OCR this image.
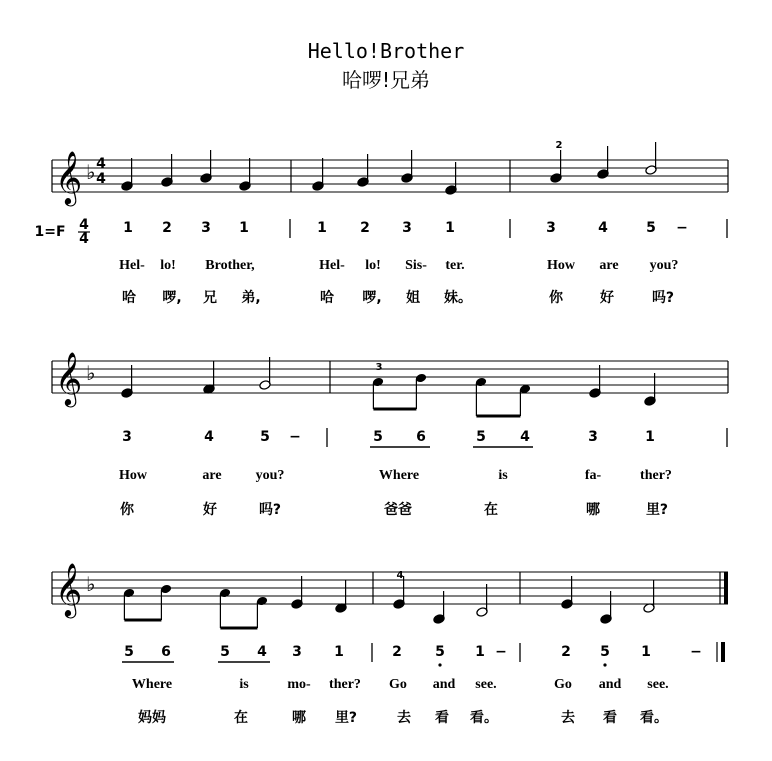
Hello!Brother
哈啰!兄弟
𝄞 ♭
𝄞 ♭
𝄞 ♭
4
4
2
3
4
1=F 4
4
1 2 3 1	1 2 3 1	3	4	5 −
Hel- lo! Brother,	Hel- lo! Sis- ter.	How are you?
哈 啰, 兄 弟,	哈 啰, 姐 妹。	你	好	吗?
3	4	5 −	5 6	5 4	3	1
How	are you?	Where	is	fa-	ther?
你	好	吗?	爸爸	在	哪	里?
5 6	5 4 3 1	2 5 1 −	2 5 1	−
Where	is	mo- ther? Go and see.	Go and see.
妈妈	在	哪 里?	去 看 看。	去 看 看。
